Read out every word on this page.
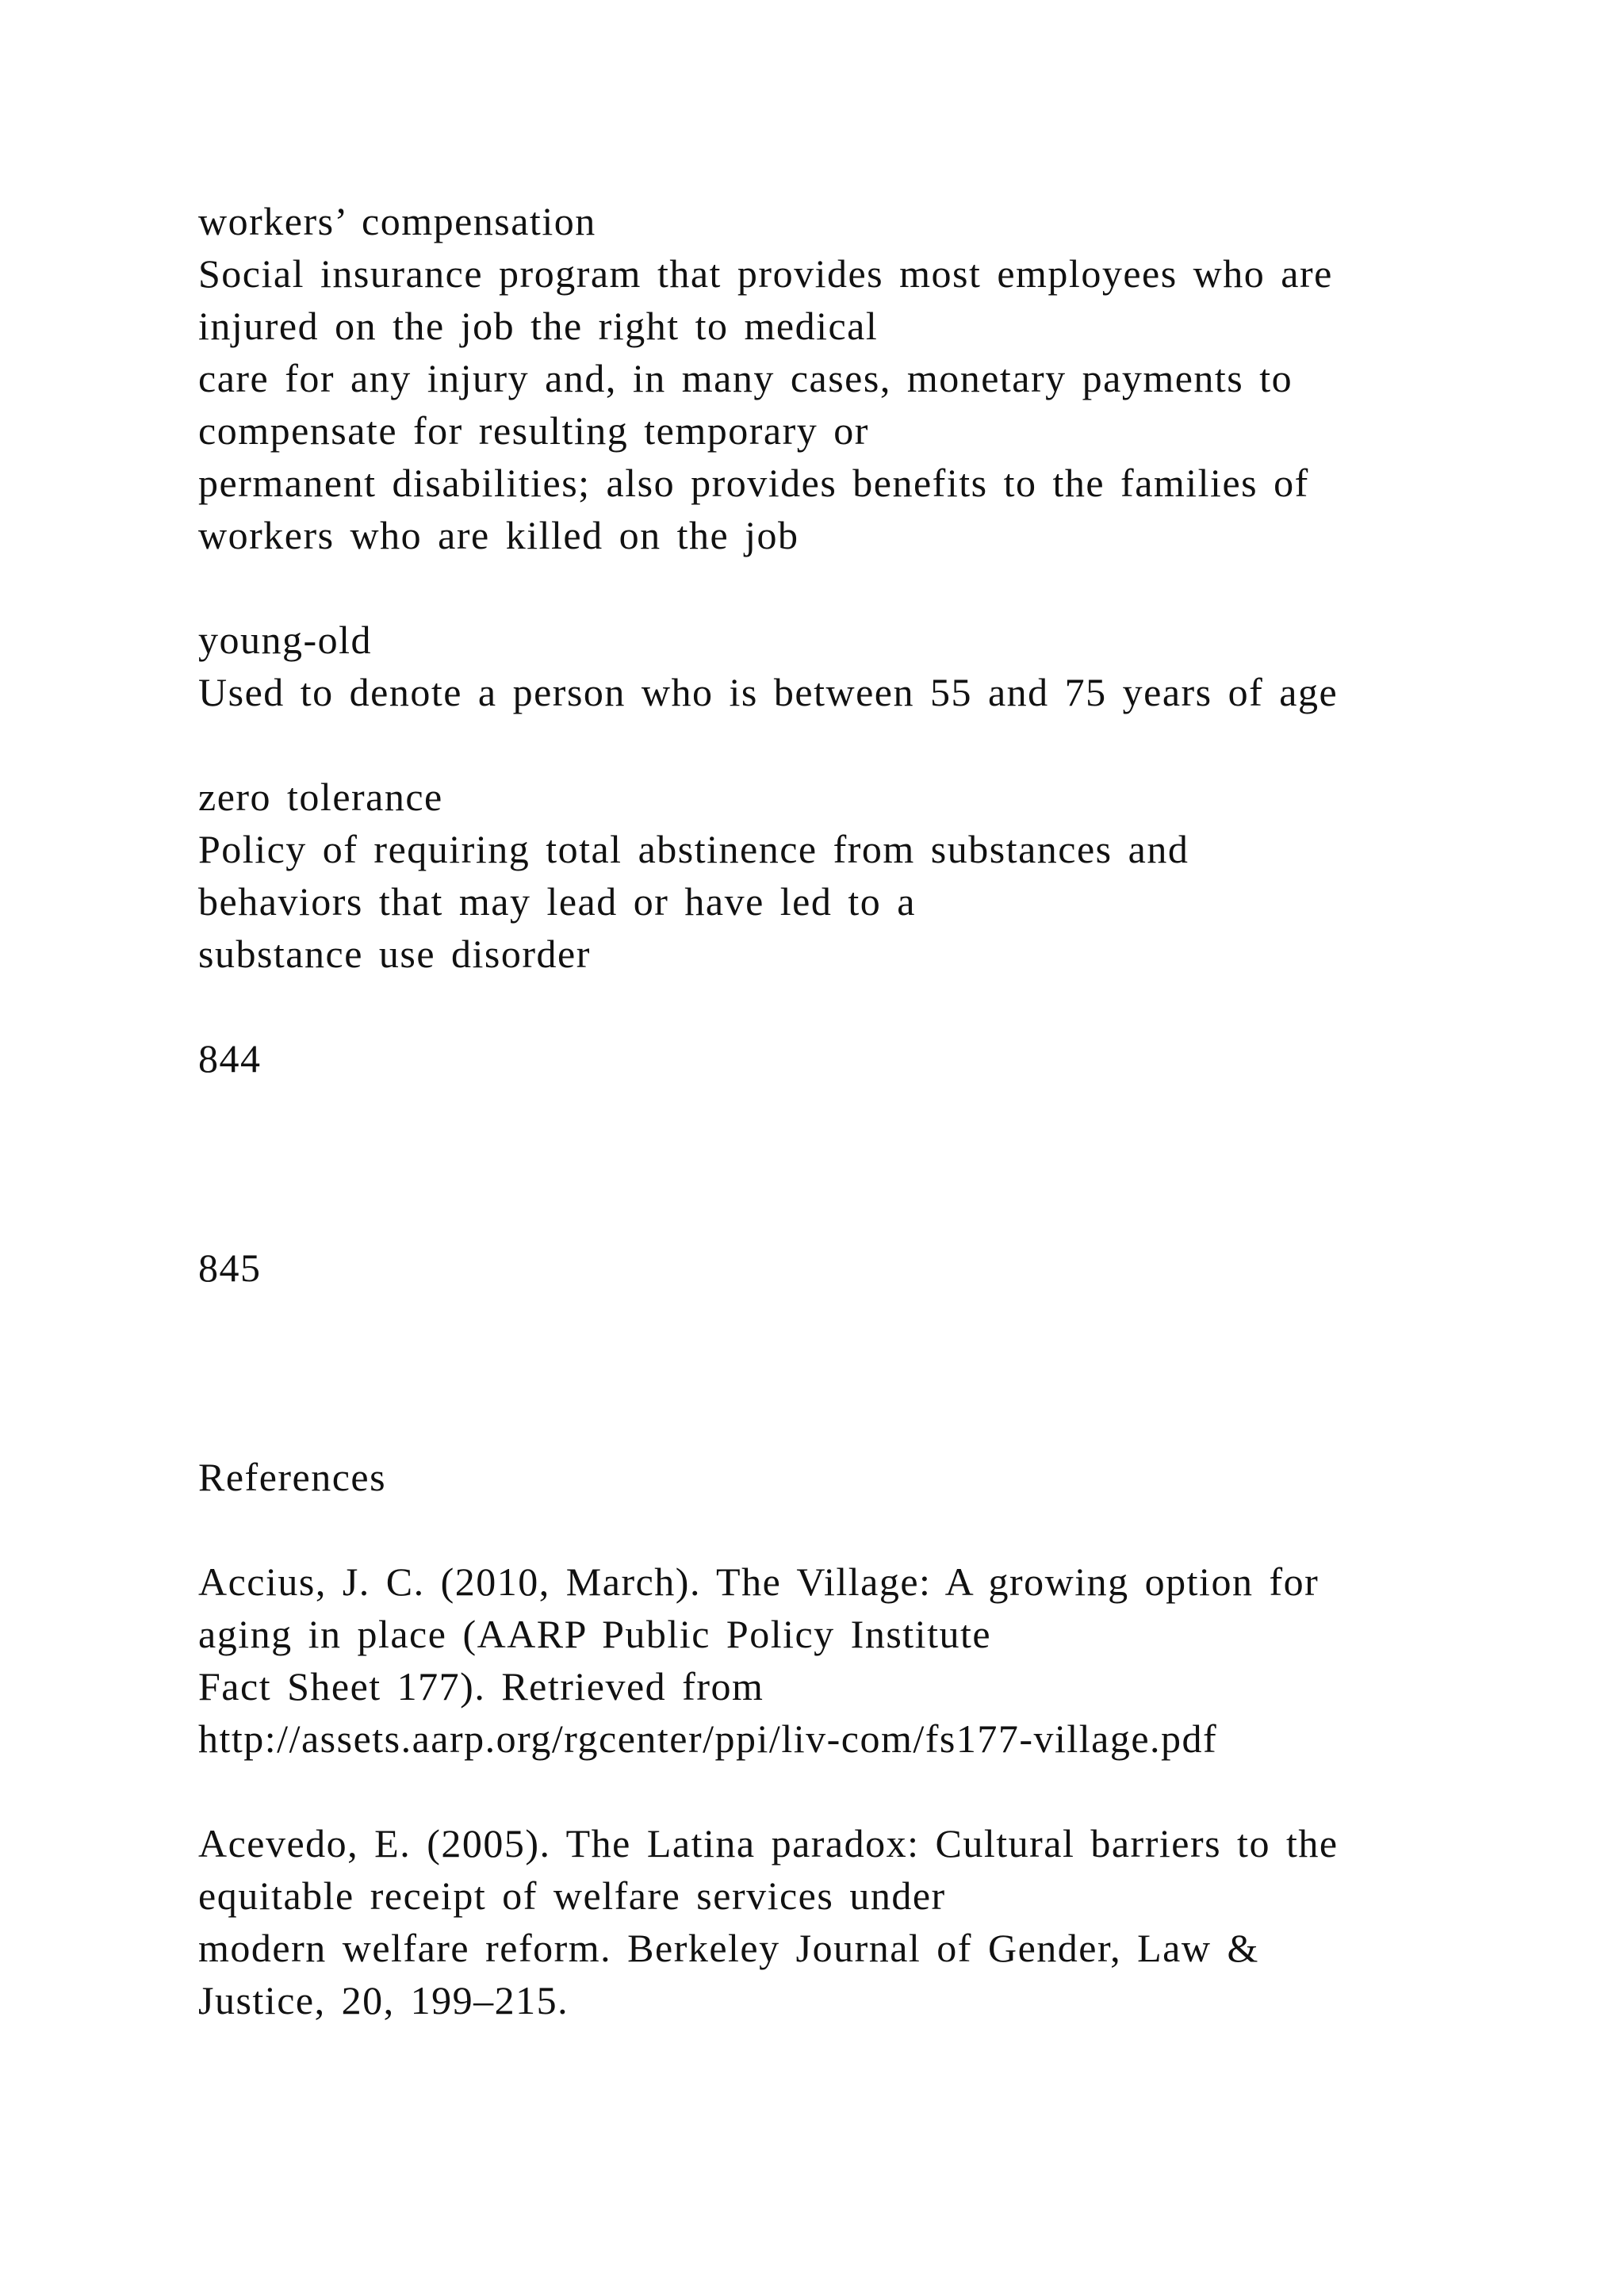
workers’ compensation
Social insurance program that provides most employees who are
injured on the job the right to medical
care for any injury and, in many cases, monetary payments to
compensate for resulting temporary or
permanent disabilities; also provides benefits to the families of
workers who are killed on the job
young-old
Used to denote a person who is between 55 and 75 years of age
zero tolerance
Policy of requiring total abstinence from substances and
behaviors that may lead or have led to a
substance use disorder
844
845
References
Accius, J. C. (2010, March). The Village: A growing option for
aging in place (AARP Public Policy Institute
Fact Sheet 177). Retrieved from
http://assets.aarp.org/rgcenter/ppi/liv-com/fs177-village.pdf
Acevedo, E. (2005). The Latina paradox: Cultural barriers to the
equitable receipt of welfare services under
modern welfare reform. Berkeley Journal of Gender, Law &
Justice, 20, 199–215.
